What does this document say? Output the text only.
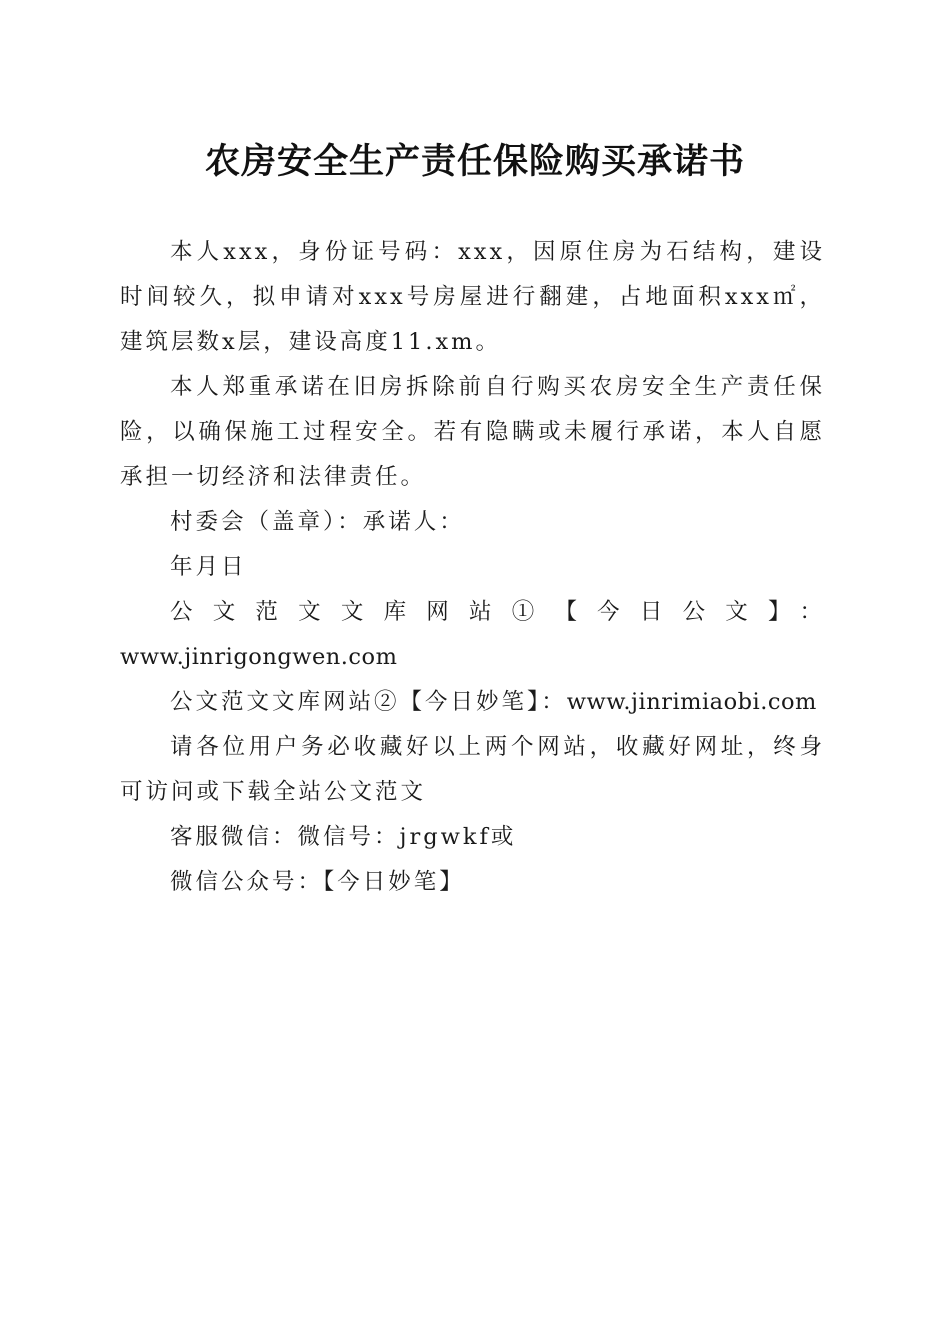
农房安全生产责任保险购买承诺书

本人xxx，身份证号码：xxx，因原住房为石结构，建设时间较久，拟申请对xxx号房屋进行翻建，占地面积xxx㎡，建筑层数x层，建设高度11.xm。

本人郑重承诺在旧房拆除前自行购买农房安全生产责任保险，以确保施工过程安全。若有隐瞒或未履行承诺，本人自愿承担一切经济和法律责任。

村委会（盖章）：承诺人：

年月日

公文范文文库网站①【今日公文】：
www.jinrigongwen.com

公文范文文库网站②【今日妙笔】：www.jinrimiaobi.com

请各位用户务必收藏好以上两个网站，收藏好网址，终身可访问或下载全站公文范文

客服微信：微信号：jrgwkf或

微信公众号：【今日妙笔】
